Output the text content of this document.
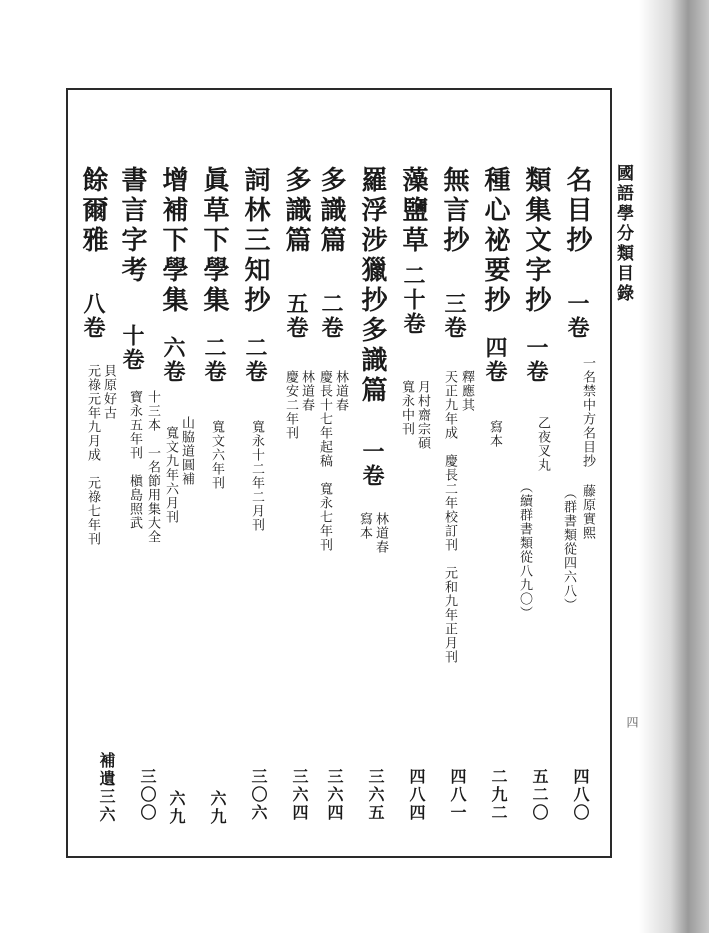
國語學分類目錄
四
名目抄
一卷
一名禁中方名目抄 藤原實熙
（群書類從四六八）
四八〇
類集文字抄
一卷
乙夜叉丸
（續群書類從八九〇）
五二〇
種心祕要抄
四卷
寫本
二九二
無言抄
三卷
釋應其
天正九年成　慶長二年校訂刊　元和九年正月刊
四八一
藻鹽草
二十卷
月村齋宗碩
寬永中刊
四八四
羅浮涉獵抄多識篇
一卷
林道春
寫本
三六五
多識篇
二卷
林道春
慶長十七年起稿　寬永七年刊
三六四
多識篇
五卷
林道春
慶安二年刊
三六四
詞林三知抄
二卷
寬永十二年二月刊
三〇六
眞草下學集
二卷
寬文六年刊
六九
增補下學集
六卷
山脇道圓補
寬文九年六月刊
六九
書言字考
十卷
十三本　一名節用集大全
寶永五年刊　槇島照武
三〇〇
餘爾雅
八卷
貝原好古
元祿元年九月成　元祿七年刊
補遺三六
